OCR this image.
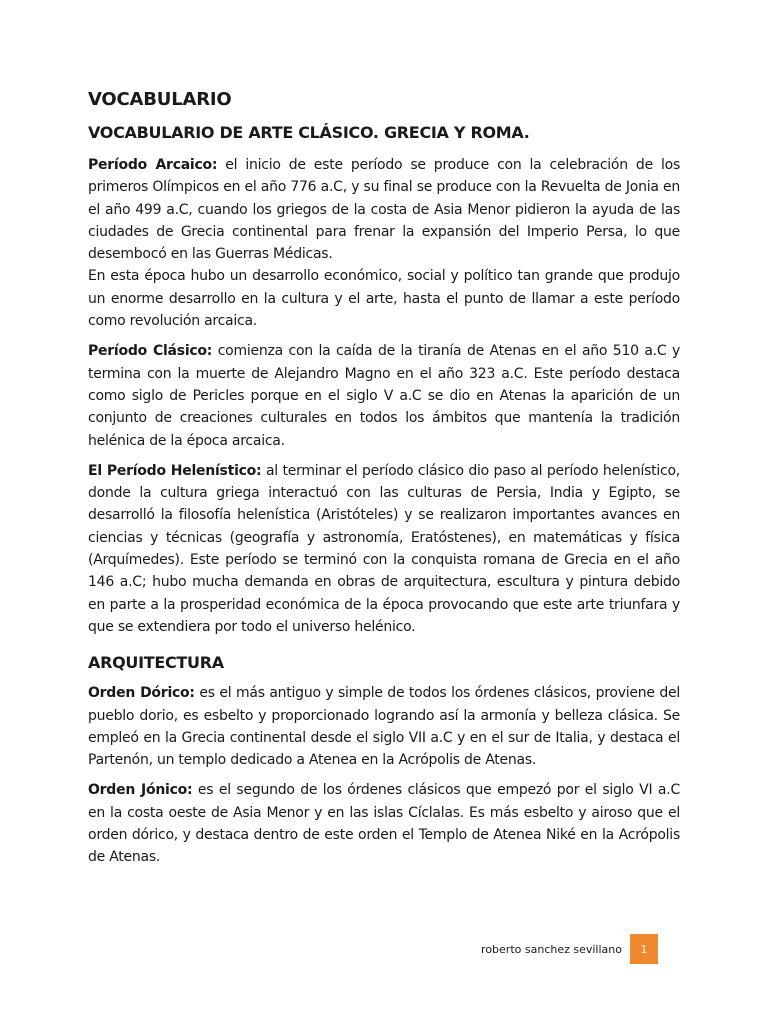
VOCABULARIO
VOCABULARIO DE ARTE CLÁSICO. GRECIA Y ROMA.

Período Arcaico: el inicio de este período se produce con la celebración de los primeros Olímpicos en el año 776 a.C, y su final se produce con la Revuelta de Jonia en el año 499 a.C, cuando los griegos de la costa de Asia Menor pidieron la ayuda de las ciudades de Grecia continental para frenar la expansión del Imperio Persa, lo que desembocó en las Guerras Médicas.

En esta época hubo un desarrollo económico, social y político tan grande que produjo un enorme desarrollo en la cultura y el arte, hasta el punto de llamar a este período como revolución arcaica.

Período Clásico: comienza con la caída de la tiranía de Atenas en el año 510 a.C y termina con la muerte de Alejandro Magno en el año 323 a.C. Este período destaca como siglo de Pericles porque en el siglo V a.C se dio en Atenas la aparición de un conjunto de creaciones culturales en todos los ámbitos que mantenía la tradición helénica de la época arcaica.

El Período Helenístico: al terminar el período clásico dio paso al período helenístico, donde la cultura griega interactuó con las culturas de Persia, India y Egipto, se desarrolló la filosofía helenística (Aristóteles) y se realizaron importantes avances en ciencias y técnicas (geografía y astronomía, Eratóstenes), en matemáticas y física (Arquímedes). Este período se terminó con la conquista romana de Grecia en el año 146 a.C; hubo mucha demanda en obras de arquitectura, escultura y pintura debido en parte a la prosperidad económica de la época provocando que este arte triunfara y que se extendiera por todo el universo helénico.

ARQUITECTURA

Orden Dórico: es el más antiguo y simple de todos los órdenes clásicos, proviene del pueblo dorio, es esbelto y proporcionado logrando así la armonía y belleza clásica. Se empleó en la Grecia continental desde el siglo VII a.C y en el sur de Italia, y destaca el Partenón, un templo dedicado a Atenea en la Acrópolis de Atenas.

Orden Jónico: es el segundo de los órdenes clásicos que empezó por el siglo VI a.C en la costa oeste de Asia Menor y en las islas Cíclalas. Es más esbelto y airoso que el orden dórico, y destaca dentro de este orden el Templo de Atenea Niké en la Acrópolis de Atenas.

roberto sanchez sevillano	1
